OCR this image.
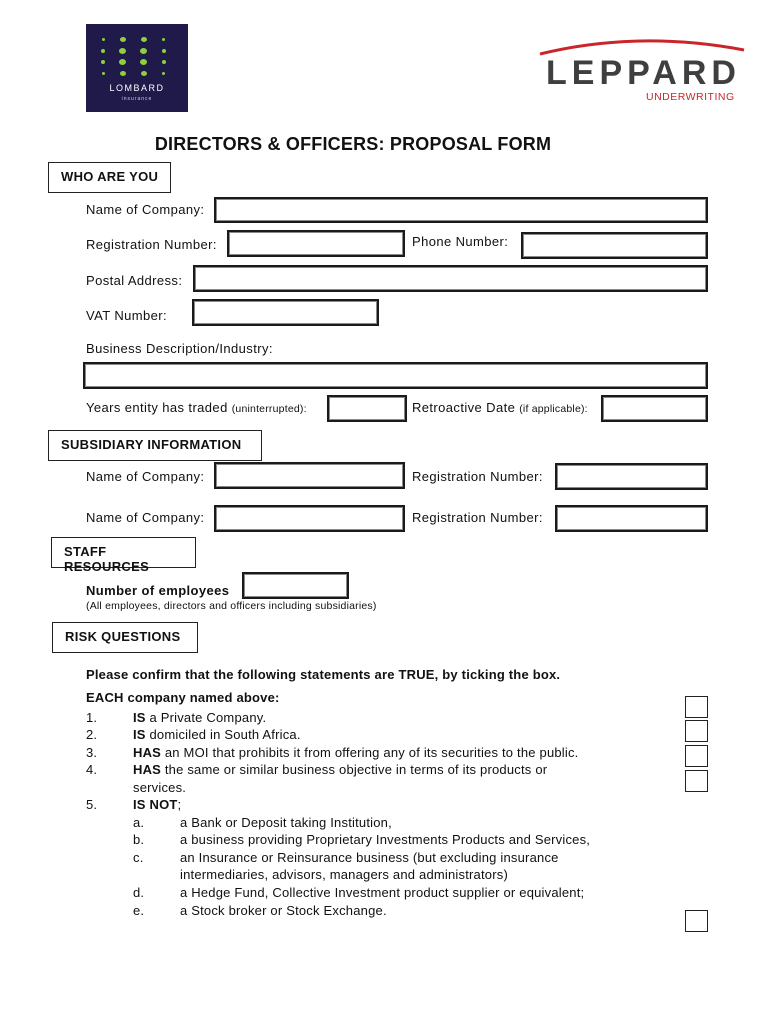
LOMBARD
insurance
LEPPARD
UNDERWRITING
DIRECTORS & OFFICERS: PROPOSAL FORM
WHO ARE YOU
Name of Company:
Registration Number:	Phone Number:
Postal Address:
VAT Number:
Business Description/Industry:
Years entity has traded (uninterrupted):	Retroactive Date (if applicable):
SUBSIDIARY INFORMATION
Name of Company:	Registration Number:
Name of Company:	Registration Number:
STAFF RESOURCES
Number of employees
(All employees, directors and officers including subsidiaries)
RISK QUESTIONS
Please confirm that the following statements are TRUE, by ticking the box.
EACH company named above:
1.	IS a Private Company.
2.	IS domiciled in South Africa.
3.	HAS an MOI that prohibits it from offering any of its securities to the public.
4.	HAS the same or similar business objective in terms of its products or
services.
5.	IS NOT;
a.	a Bank or Deposit taking Institution,
b.	a business providing Proprietary Investments Products and Services,
c.	an Insurance or Reinsurance business (but excluding insurance
intermediaries, advisors, managers and administrators)
d.	a Hedge Fund, Collective Investment product supplier or equivalent;
e.	a Stock broker or Stock Exchange.
